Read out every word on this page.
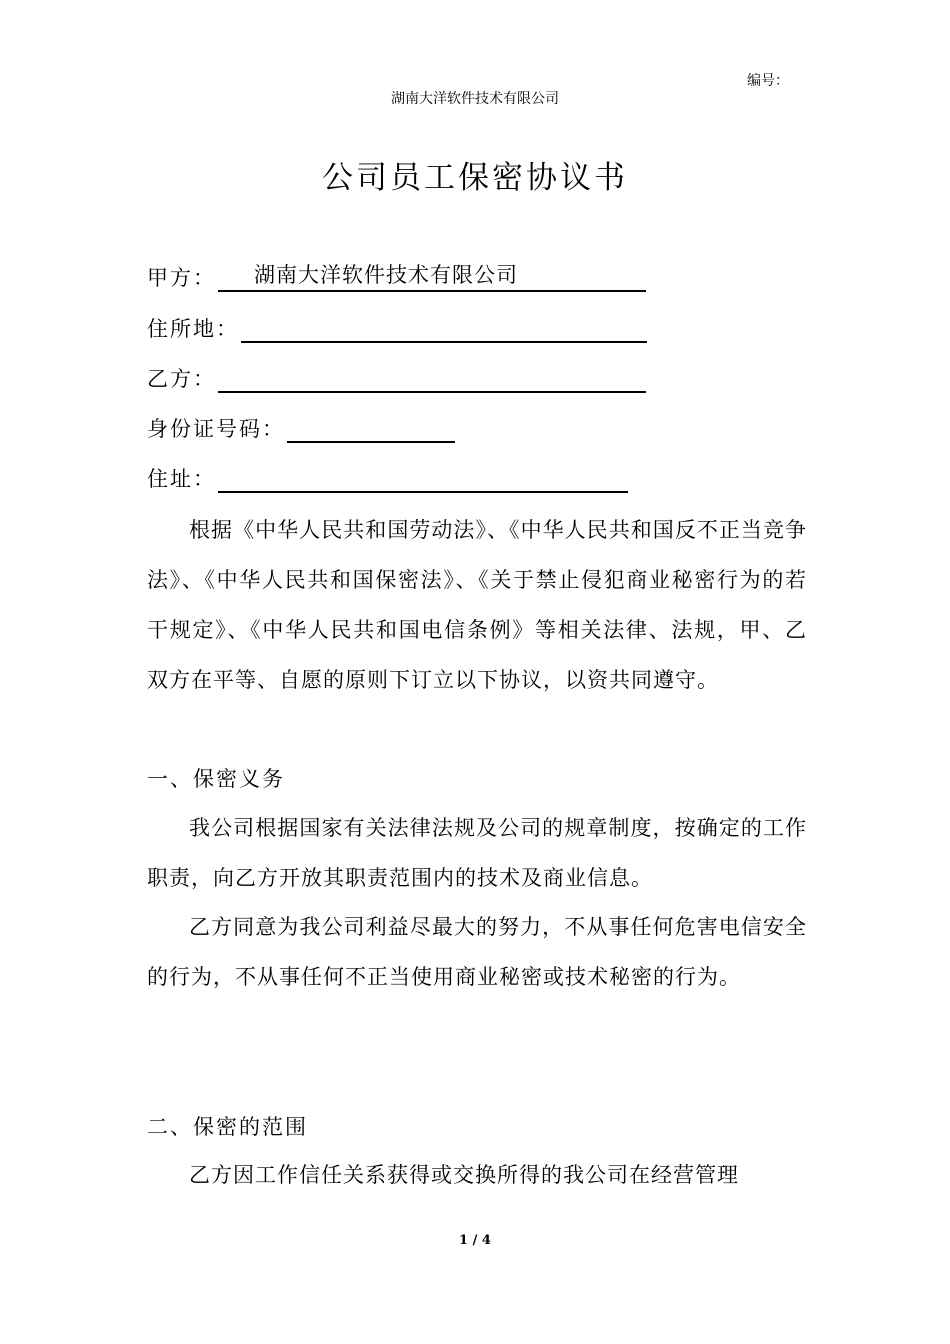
编号：
湖南大洋软件技术有限公司
公司员工保密协议书
甲方： 湖南大洋软件技术有限公司
住所地：
乙方：
身份证号码：
住址：
根据《中华人民共和国劳动法》、《中华人民共和国反不正当竞争法》、《中华人民共和国保密法》、《关于禁止侵犯商业秘密行为的若干规定》、《中华人民共和国电信条例》等相关法律、法规，甲、乙双方在平等、自愿的原则下订立以下协议，以资共同遵守。
一、保密义务
我公司根据国家有关法律法规及公司的规章制度，按确定的工作职责，向乙方开放其职责范围内的技术及商业信息。
乙方同意为我公司利益尽最大的努力，不从事任何危害电信安全的行为，不从事任何不正当使用商业秘密或技术秘密的行为。
二、保密的范围
乙方因工作信任关系获得或交换所得的我公司在经营管理
1 / 4
